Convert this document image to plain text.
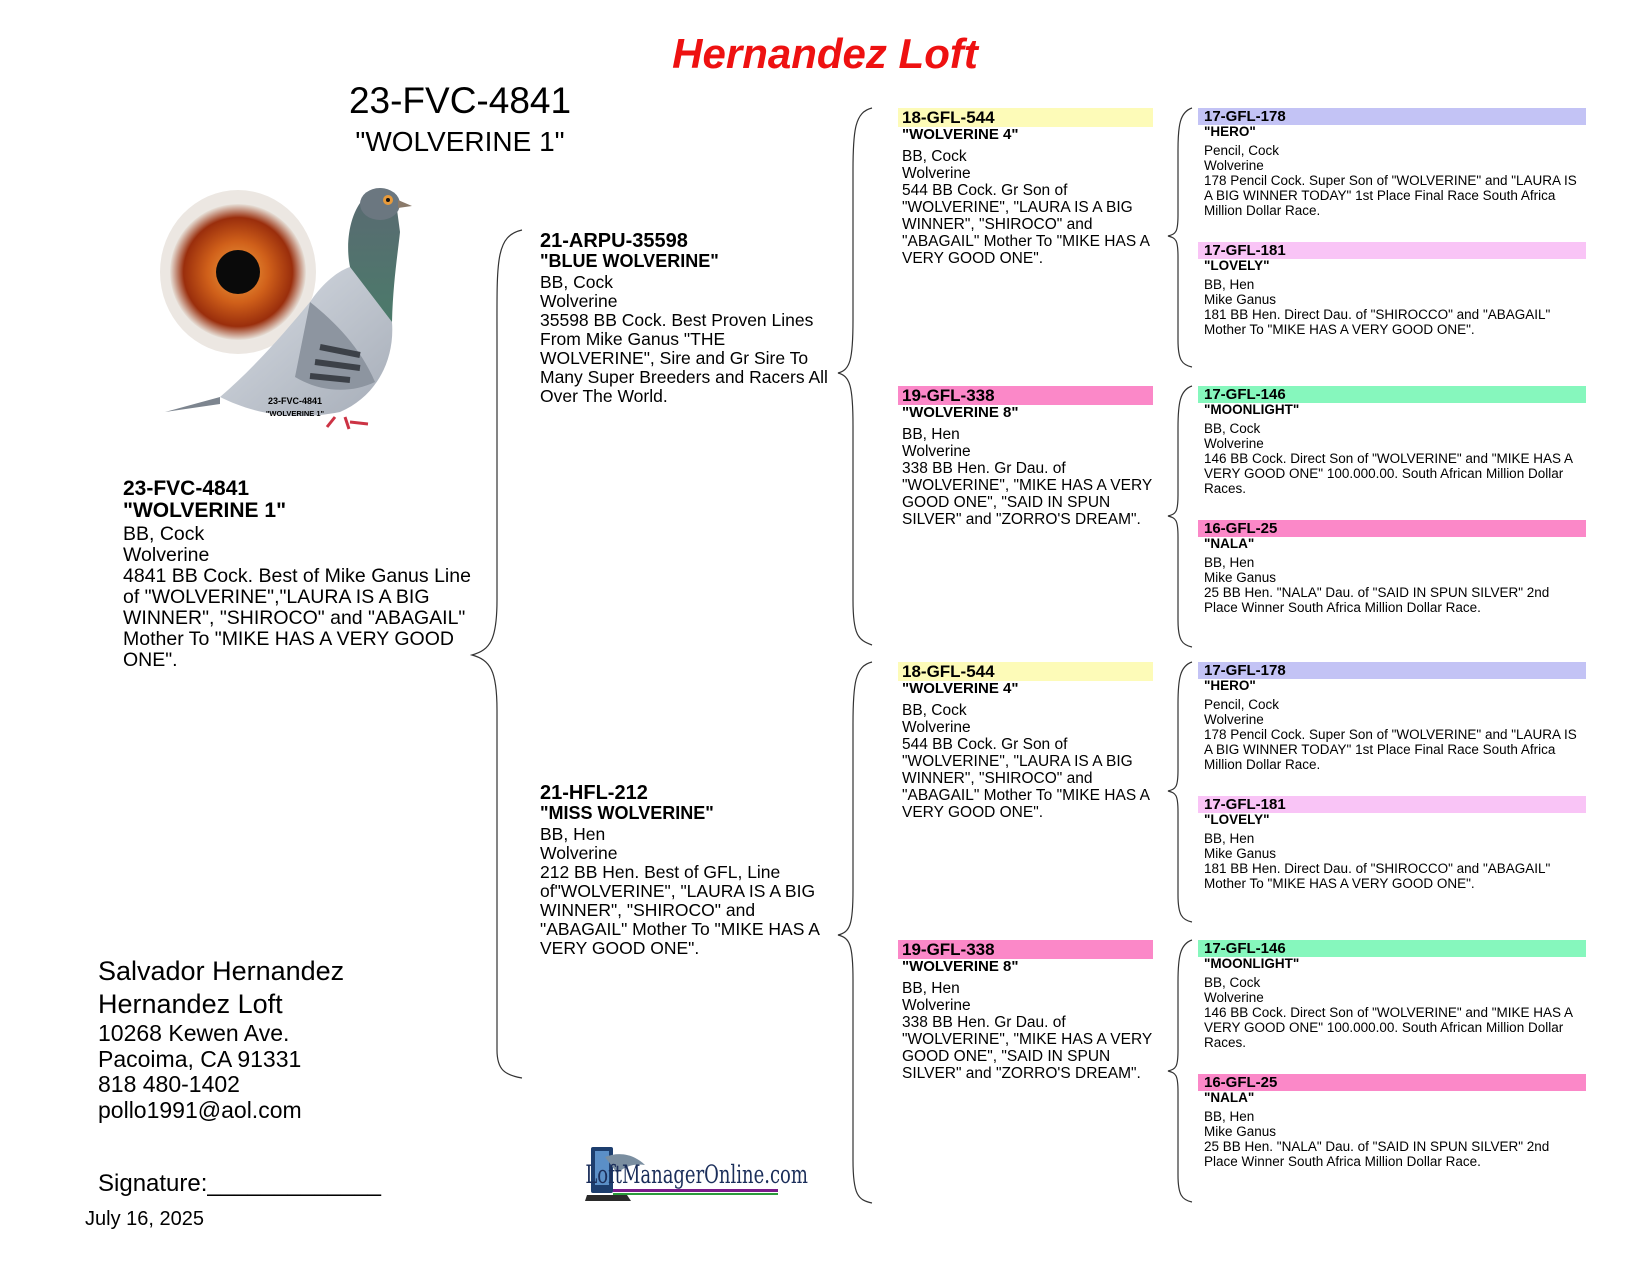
Hernandez Loft
23-FVC-4841
"WOLVERINE 1"
23-FVC-4841
"WOLVERINE 1"
23-FVC-4841
"WOLVERINE 1"
BB, Cock
Wolverine
4841 BB Cock. Best of Mike Ganus Line of "WOLVERINE","LAURA IS A BIG WINNER", "SHIROCO" and "ABAGAIL" Mother To "MIKE HAS A VERY GOOD ONE".
21-ARPU-35598
"BLUE WOLVERINE"
BB, Cock
Wolverine
35598 BB Cock. Best Proven Lines From Mike Ganus "THE WOLVERINE", Sire and Gr Sire To Many Super Breeders and Racers All Over The World.
21-HFL-212
"MISS WOLVERINE"
BB, Hen
Wolverine
212 BB Hen. Best of GFL, Line of"WOLVERINE", "LAURA IS A BIG WINNER", "SHIROCO" and "ABAGAIL" Mother To "MIKE HAS A VERY GOOD ONE".
18-GFL-544
"WOLVERINE 4"
BB, Cock
Wolverine
544 BB Cock. Gr Son of "WOLVERINE", "LAURA IS A BIG WINNER", "SHIROCO" and "ABAGAIL" Mother To "MIKE HAS A VERY GOOD ONE".
19-GFL-338
"WOLVERINE 8"
BB, Hen
Wolverine
338 BB Hen. Gr Dau. of "WOLVERINE", "MIKE HAS A VERY GOOD ONE", "SAID IN SPUN SILVER" and "ZORRO'S DREAM".
18-GFL-544
"WOLVERINE 4"
BB, Cock
Wolverine
544 BB Cock. Gr Son of "WOLVERINE", "LAURA IS A BIG WINNER", "SHIROCO" and "ABAGAIL" Mother To "MIKE HAS A VERY GOOD ONE".
19-GFL-338
"WOLVERINE 8"
BB, Hen
Wolverine
338 BB Hen. Gr Dau. of "WOLVERINE", "MIKE HAS A VERY GOOD ONE", "SAID IN SPUN SILVER" and "ZORRO'S DREAM".
17-GFL-178
"HERO"
Pencil, Cock
Wolverine
178 Pencil Cock. Super Son of "WOLVERINE" and "LAURA IS A BIG WINNER TODAY" 1st Place Final Race South Africa Million Dollar Race.
17-GFL-181
"LOVELY"
BB, Hen
Mike Ganus
181 BB Hen. Direct Dau. of "SHIROCCO" and "ABAGAIL" Mother To "MIKE HAS A VERY GOOD ONE".
17-GFL-146
"MOONLIGHT"
BB, Cock
Wolverine
146 BB Cock. Direct Son of "WOLVERINE" and "MIKE HAS A VERY GOOD ONE" 100.000.00. South African Million Dollar Races.
16-GFL-25
"NALA"
BB, Hen
Mike Ganus
25 BB Hen. "NALA" Dau. of "SAID IN SPUN SILVER" 2nd Place Winner South Africa Million Dollar Race.
17-GFL-178
"HERO"
Pencil, Cock
Wolverine
178 Pencil Cock. Super Son of "WOLVERINE" and "LAURA IS A BIG WINNER TODAY" 1st Place Final Race South Africa Million Dollar Race.
17-GFL-181
"LOVELY"
BB, Hen
Mike Ganus
181 BB Hen. Direct Dau. of "SHIROCCO" and "ABAGAIL" Mother To "MIKE HAS A VERY GOOD ONE".
17-GFL-146
"MOONLIGHT"
BB, Cock
Wolverine
146 BB Cock. Direct Son of "WOLVERINE" and "MIKE HAS A VERY GOOD ONE" 100.000.00. South African Million Dollar Races.
16-GFL-25
"NALA"
BB, Hen
Mike Ganus
25 BB Hen. "NALA" Dau. of "SAID IN SPUN SILVER" 2nd Place Winner South Africa Million Dollar Race.
Salvador Hernandez
Hernandez Loft
10268 Kewen Ave.
Pacoima, CA 91331
818 480-1402
pollo1991@aol.com
Signature:_____________
July 16, 2025
LoftManagerOnline.com
